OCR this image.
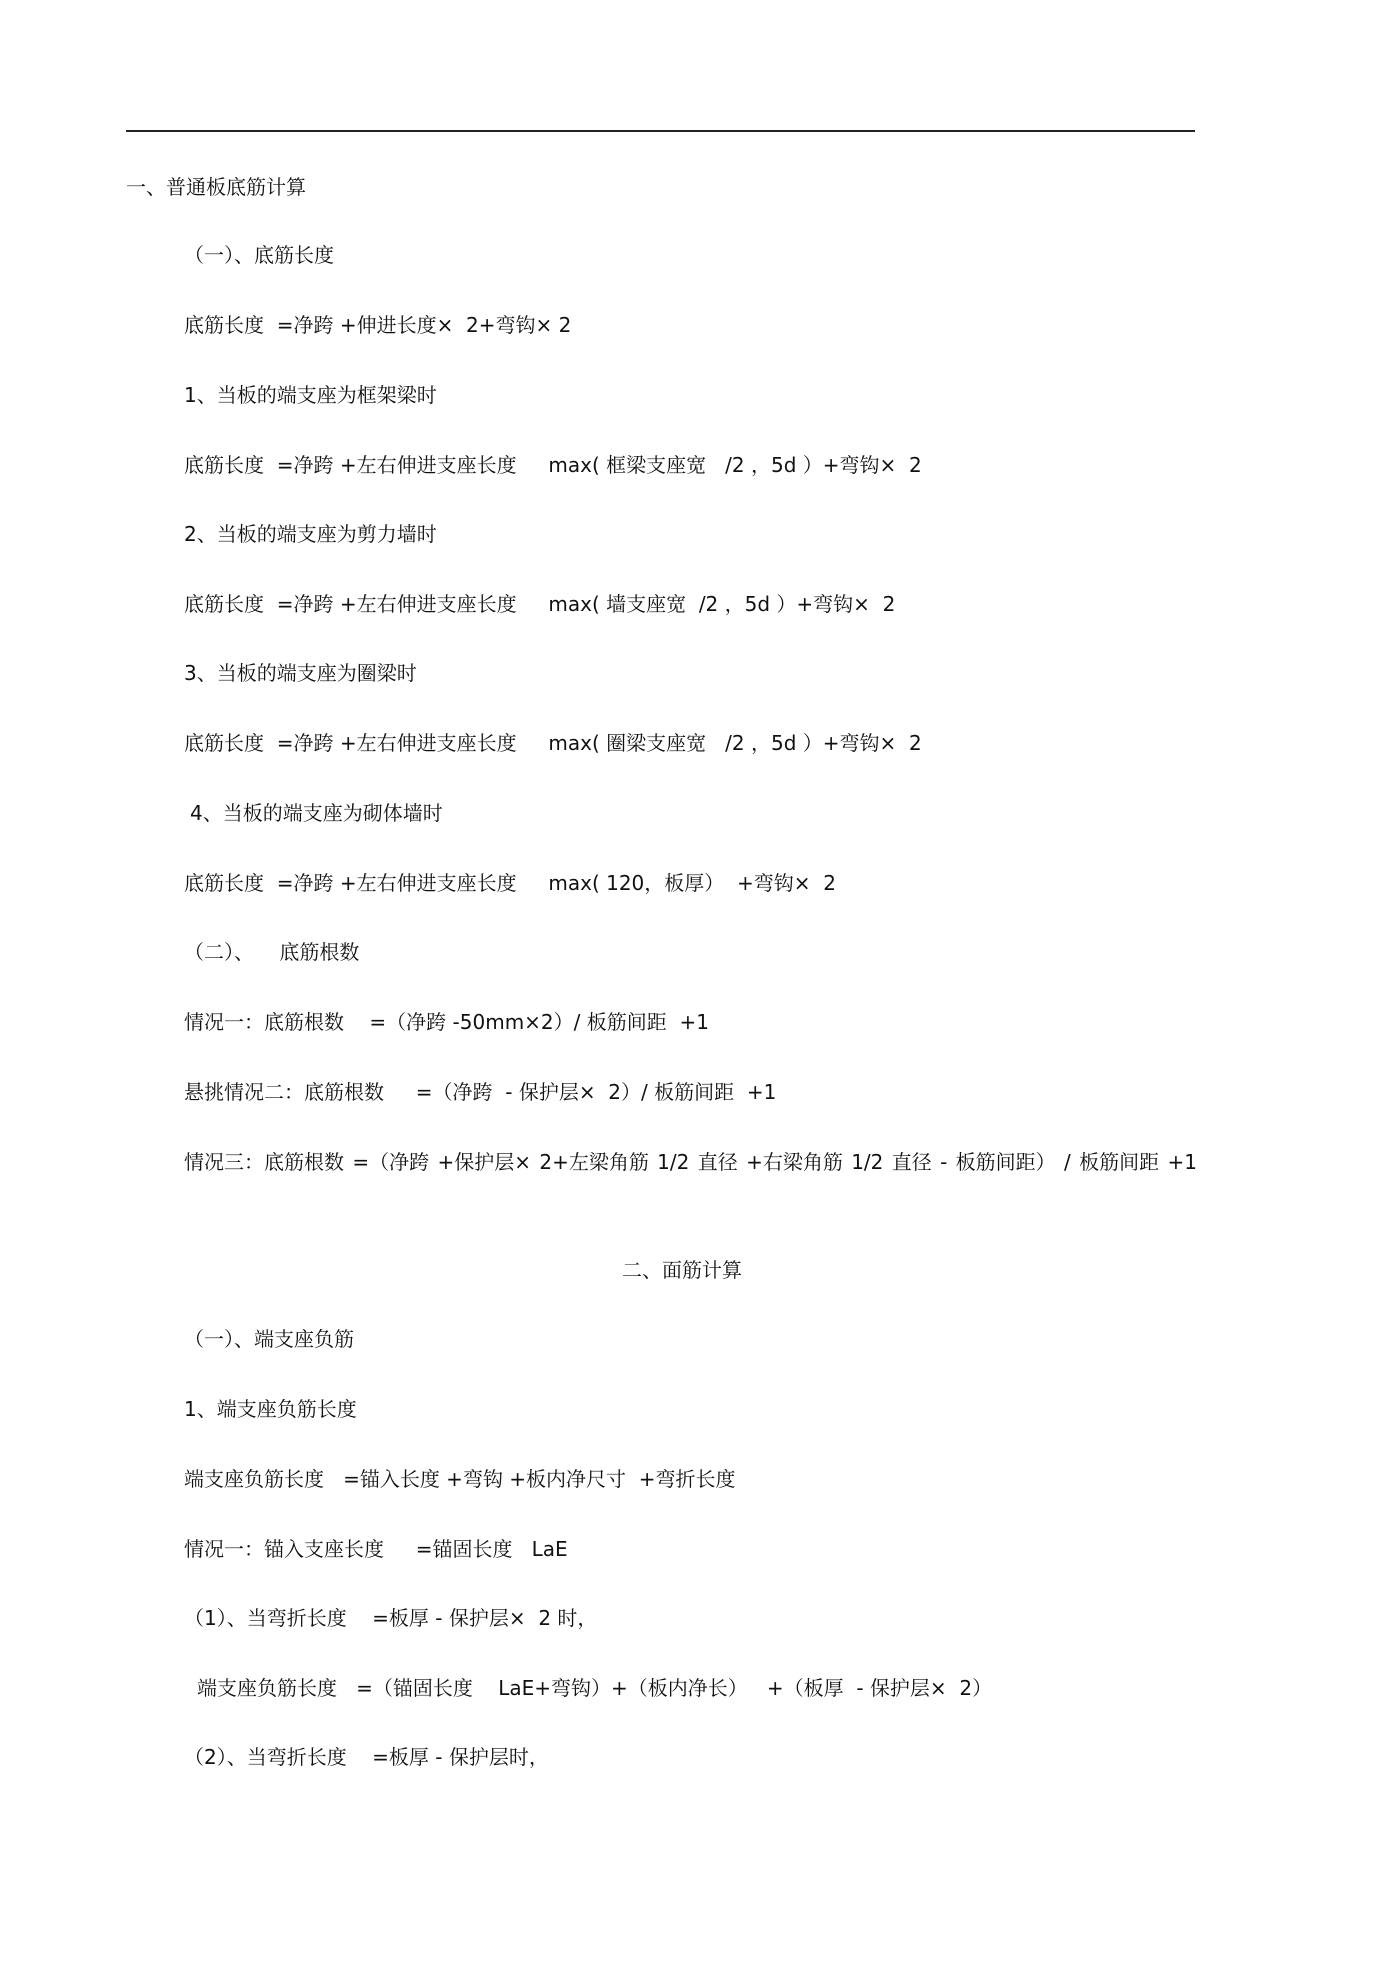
一、普通板底筋计算
（一）、底筋长度
底筋长度  =净跨 +伸进长度×  2+弯钩× 2
1、当板的端支座为框架梁时
底筋长度  =净跨 +左右伸进支座长度     max( 框梁支座宽   /2 ，5d ）+弯钩×  2
2、当板的端支座为剪力墙时
底筋长度  =净跨 +左右伸进支座长度     max( 墙支座宽  /2 ，5d ）+弯钩×  2
3、当板的端支座为圈梁时
底筋长度  =净跨 +左右伸进支座长度     max( 圈梁支座宽   /2 ，5d ）+弯钩×  2
4、当板的端支座为砌体墙时
底筋长度  =净跨 +左右伸进支座长度     max( 120，板厚）  +弯钩×  2
（二）、    底筋根数
情况一：底筋根数    =（净跨 -50mm×2）/ 板筋间距  +1
悬挑情况二：底筋根数     =（净跨  - 保护层×  2）/ 板筋间距  +1
情况三：底筋根数 =（净跨 +保护层× 2+左梁角筋 1/2 直径 +右梁角筋 1/2 直径 - 板筋间距） / 板筋间距 +1
二、面筋计算
（一）、端支座负筋
1、端支座负筋长度
端支座负筋长度   =锚入长度 +弯钩 +板内净尺寸  +弯折长度
情况一：锚入支座长度     =锚固长度   LaE
（1）、当弯折长度    =板厚 - 保护层×  2 时，
端支座负筋长度   =（锚固长度    LaE+弯钩）+（板内净长）   +（板厚  - 保护层×  2）
（2）、当弯折长度    =板厚 - 保护层时，
